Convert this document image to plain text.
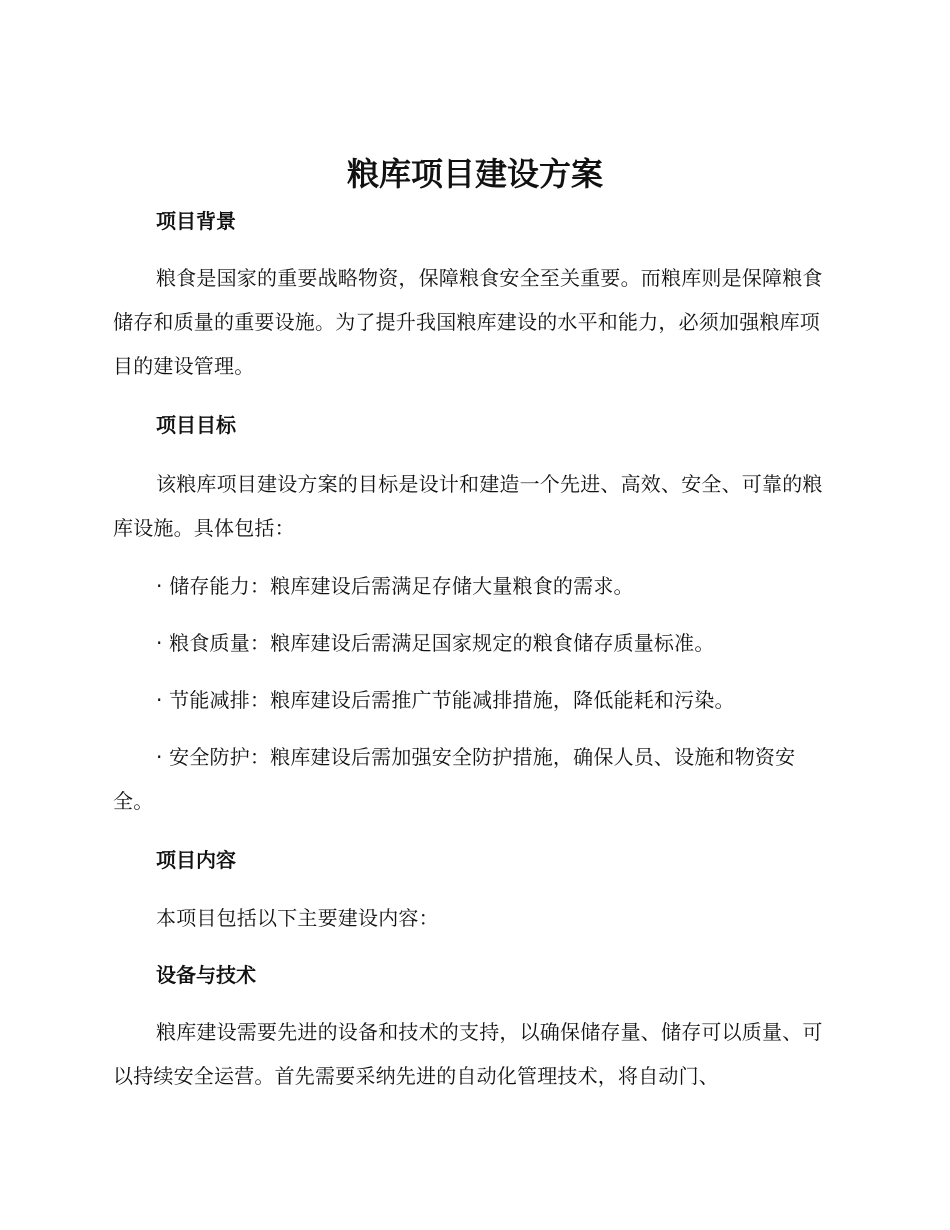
粮库项目建设方案
项目背景

粮食是国家的重要战略物资，保障粮食安全至关重要。而粮库则是保障粮食储存和质量的重要设施。为了提升我国粮库建设的水平和能力，必须加强粮库项目的建设管理。

项目目标

该粮库项目建设方案的目标是设计和建造一个先进、高效、安全、可靠的粮库设施。具体包括：

· 储存能力：粮库建设后需满足存储大量粮食的需求。

· 粮食质量：粮库建设后需满足国家规定的粮食储存质量标准。

· 节能减排：粮库建设后需推广节能减排措施，降低能耗和污染。

· 安全防护：粮库建设后需加强安全防护措施，确保人员、设施和物资安全。

项目内容

本项目包括以下主要建设内容：

设备与技术

粮库建设需要先进的设备和技术的支持，以确保储存量、储存可以质量、可以持续安全运营。首先需要采纳先进的自动化管理技术，将自动门、
